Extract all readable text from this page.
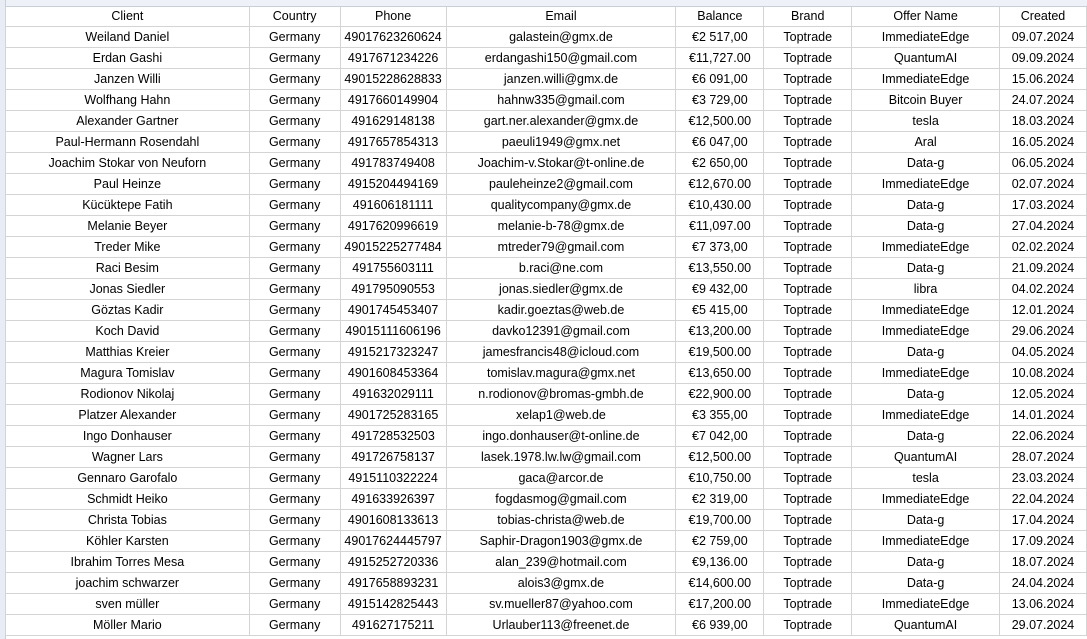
Client	Country	Phone	Email	Balance	Brand	Offer Name	Created
Weiland Daniel	Germany	49017623260624	galastein@gmx.de	€2 517,00	Toptrade	ImmediateEdge	09.07.2024
Erdan Gashi	Germany	4917671234226	erdangashi150@gmail.com	€11,727.00	Toptrade	QuantumAI	09.09.2024
Janzen Willi	Germany	49015228628833	janzen.willi@gmx.de	€6 091,00	Toptrade	ImmediateEdge	15.06.2024
Wolfhang Hahn	Germany	4917660149904	hahnw335@gmail.com	€3 729,00	Toptrade	Bitcoin Buyer	24.07.2024
Alexander Gartner	Germany	491629148138	gart.ner.alexander@gmx.de	€12,500.00	Toptrade	tesla	18.03.2024
Paul-Hermann Rosendahl	Germany	4917657854313	paeuli1949@gmx.net	€6 047,00	Toptrade	Aral	16.05.2024
Joachim Stokar von Neuforn	Germany	491783749408	Joachim-v.Stokar@t-online.de	€2 650,00	Toptrade	Data-g	06.05.2024
Paul Heinze	Germany	4915204494169	pauleheinze2@gmail.com	€12,670.00	Toptrade	ImmediateEdge	02.07.2024
Kücüktepe Fatih	Germany	491606181111	qualitycompany@gmx.de	€10,430.00	Toptrade	Data-g	17.03.2024
Melanie Beyer	Germany	4917620996619	melanie-b-78@gmx.de	€11,097.00	Toptrade	Data-g	27.04.2024
Treder Mike	Germany	49015225277484	mtreder79@gmail.com	€7 373,00	Toptrade	ImmediateEdge	02.02.2024
Raci Besim	Germany	491755603111	b.raci@ne.com	€13,550.00	Toptrade	Data-g	21.09.2024
Jonas Siedler	Germany	491795090553	jonas.siedler@gmx.de	€9 432,00	Toptrade	libra	04.02.2024
Göztas Kadir	Germany	4901745453407	kadir.goeztas@web.de	€5 415,00	Toptrade	ImmediateEdge	12.01.2024
Koch David	Germany	49015111606196	davko12391@gmail.com	€13,200.00	Toptrade	ImmediateEdge	29.06.2024
Matthias Kreier	Germany	4915217323247	jamesfrancis48@icloud.com	€19,500.00	Toptrade	Data-g	04.05.2024
Magura Tomislav	Germany	4901608453364	tomislav.magura@gmx.net	€13,650.00	Toptrade	ImmediateEdge	10.08.2024
Rodionov Nikolaj	Germany	491632029111	n.rodionov@bromas-gmbh.de	€22,900.00	Toptrade	Data-g	12.05.2024
Platzer Alexander	Germany	4901725283165	xelap1@web.de	€3 355,00	Toptrade	ImmediateEdge	14.01.2024
Ingo Donhauser	Germany	491728532503	ingo.donhauser@t-online.de	€7 042,00	Toptrade	Data-g	22.06.2024
Wagner Lars	Germany	491726758137	lasek.1978.lw.lw@gmail.com	€12,500.00	Toptrade	QuantumAI	28.07.2024
Gennaro Garofalo	Germany	4915110322224	gaca@arcor.de	€10,750.00	Toptrade	tesla	23.03.2024
Schmidt Heiko	Germany	491633926397	fogdasmog@gmail.com	€2 319,00	Toptrade	ImmediateEdge	22.04.2024
Christa Tobias	Germany	4901608133613	tobias-christa@web.de	€19,700.00	Toptrade	Data-g	17.04.2024
Köhler Karsten	Germany	49017624445797	Saphir-Dragon1903@gmx.de	€2 759,00	Toptrade	ImmediateEdge	17.09.2024
Ibrahim Torres Mesa	Germany	4915252720336	alan_239@hotmail.com	€9,136.00	Toptrade	Data-g	18.07.2024
joachim schwarzer	Germany	4917658893231	alois3@gmx.de	€14,600.00	Toptrade	Data-g	24.04.2024
sven müller	Germany	4915142825443	sv.mueller87@yahoo.com	€17,200.00	Toptrade	ImmediateEdge	13.06.2024
Möller Mario	Germany	491627175211	Urlauber113@freenet.de	€6 939,00	Toptrade	QuantumAI	29.07.2024
